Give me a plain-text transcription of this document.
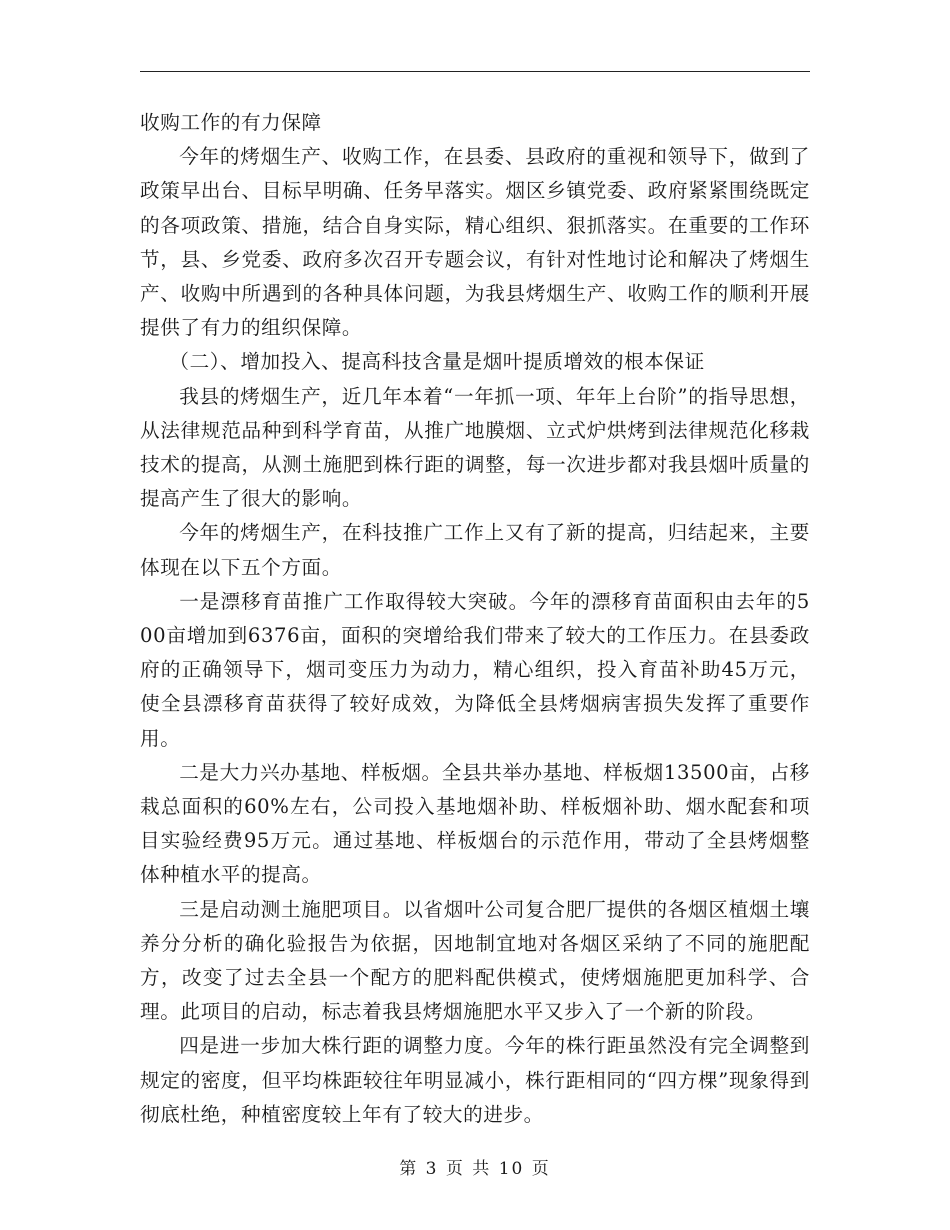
收购工作的有力保障

今年的烤烟生产、收购工作，在县委、县政府的重视和领导下，做到了政策早出台、目标早明确、任务早落实。烟区乡镇党委、政府紧紧围绕既定的各项政策、措施，结合自身实际，精心组织、狠抓落实。在重要的工作环节，县、乡党委、政府多次召开专题会议，有针对性地讨论和解决了烤烟生产、收购中所遇到的各种具体问题，为我县烤烟生产、收购工作的顺利开展提供了有力的组织保障。

（二）、增加投入、提高科技含量是烟叶提质增效的根本保证

我县的烤烟生产，近几年本着“一年抓一项、年年上台阶”的指导思想，从法律规范品种到科学育苗，从推广地膜烟、立式炉烘烤到法律规范化移栽技术的提高，从测土施肥到株行距的调整，每一次进步都对我县烟叶质量的提高产生了很大的影响。

今年的烤烟生产，在科技推广工作上又有了新的提高，归结起来，主要体现在以下五个方面。

一是漂移育苗推广工作取得较大突破。今年的漂移育苗面积由去年的500亩增加到6376亩，面积的突增给我们带来了较大的工作压力。在县委政府的正确领导下，烟司变压力为动力，精心组织，投入育苗补助45万元，使全县漂移育苗获得了较好成效，为降低全县烤烟病害损失发挥了重要作用。

二是大力兴办基地、样板烟。全县共举办基地、样板烟13500亩，占移栽总面积的60%左右，公司投入基地烟补助、样板烟补助、烟水配套和项目实验经费95万元。通过基地、样板烟台的示范作用，带动了全县烤烟整体种植水平的提高。

三是启动测土施肥项目。以省烟叶公司复合肥厂提供的各烟区植烟土壤养分分析的确化验报告为依据，因地制宜地对各烟区采纳了不同的施肥配方，改变了过去全县一个配方的肥料配供模式，使烤烟施肥更加科学、合理。此项目的启动，标志着我县烤烟施肥水平又步入了一个新的阶段。

四是进一步加大株行距的调整力度。今年的株行距虽然没有完全调整到规定的密度，但平均株距较往年明显减小，株行距相同的“四方棵”现象得到彻底杜绝，种植密度较上年有了较大的进步。

第 3 页 共 10 页
